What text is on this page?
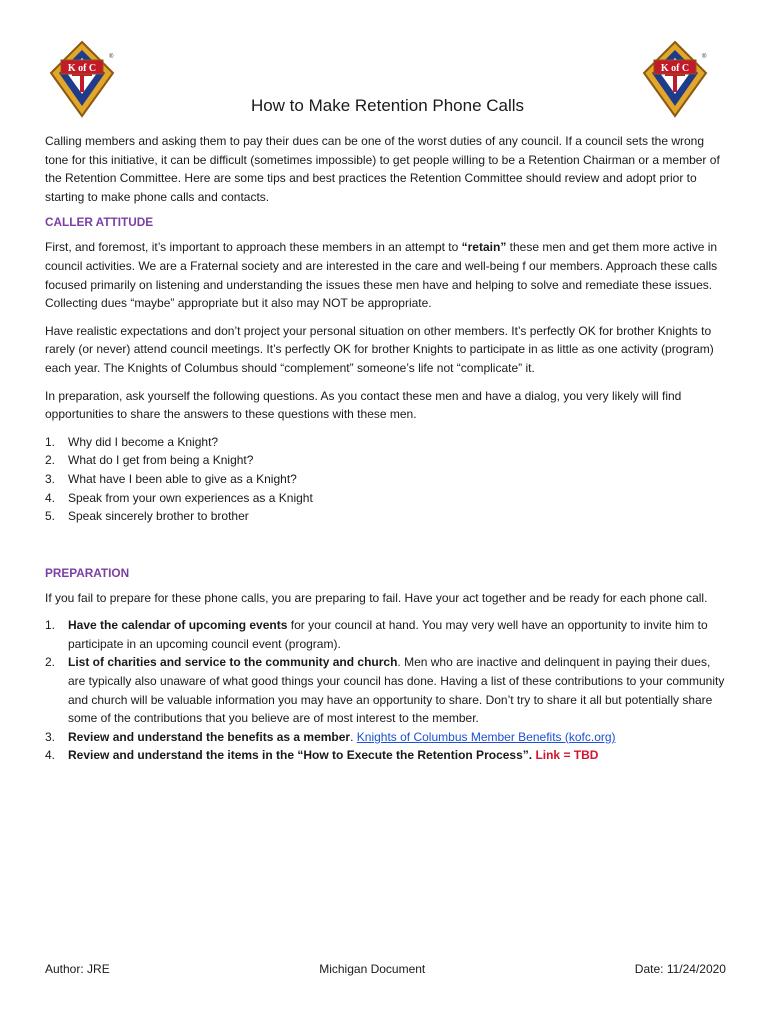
K of C
®
K of C
®
How to Make Retention Phone Calls

Calling members and asking them to pay their dues can be one of the worst duties of any council. If a council sets the wrong tone for this initiative, it can be difficult (sometimes impossible) to get people willing to be a Retention Chairman or a member of the Retention Committee. Here are some tips and best practices the Retention Committee should review and adopt prior to starting to make phone calls and contacts.

CALLER ATTITUDE

First, and foremost, it’s important to approach these members in an attempt to “retain” these men and get them more active in council activities. We are a Fraternal society and are interested in the care and well-being f our members. Approach these calls focused primarily on listening and understanding the issues these men have and helping to solve and remediate these issues. Collecting dues “maybe” appropriate but it also may NOT be appropriate.

Have realistic expectations and don’t project your personal situation on other members. It’s perfectly OK for brother Knights to rarely (or never) attend council meetings. It’s perfectly OK for brother Knights to participate in as little as one activity (program) each year. The Knights of Columbus should “complement” someone’s life not “complicate” it.

In preparation, ask yourself the following questions. As you contact these men and have a dialog, you very likely will find opportunities to share the answers to these questions with these men.

1.	Why did I become a Knight?
2.	What do I get from being a Knight?
3.	What have I been able to give as a Knight?
4.	Speak from your own experiences as a Knight
5.	Speak sincerely brother to brother
PREPARATION

If you fail to prepare for these phone calls, you are preparing to fail. Have your act together and be ready for each phone call.

1.	Have the calendar of upcoming events for your council at hand. You may very well have an opportunity to invite him to participate in an upcoming council event (program).
2.	List of charities and service to the community and church. Men who are inactive and delinquent in paying their dues, are typically also unaware of what good things your council has done. Having a list of these contributions to your community and church will be valuable information you may have an opportunity to share. Don’t try to share it all but potentially share some of the contributions that you believe are of most interest to the member.
3.	Review and understand the benefits as a member. Knights of Columbus Member Benefits (kofc.org)
4.	Review and understand the items in the “How to Execute the Retention Process”. Link = TBD
Author: JRE	Michigan Document	Date: 11/24/2020
